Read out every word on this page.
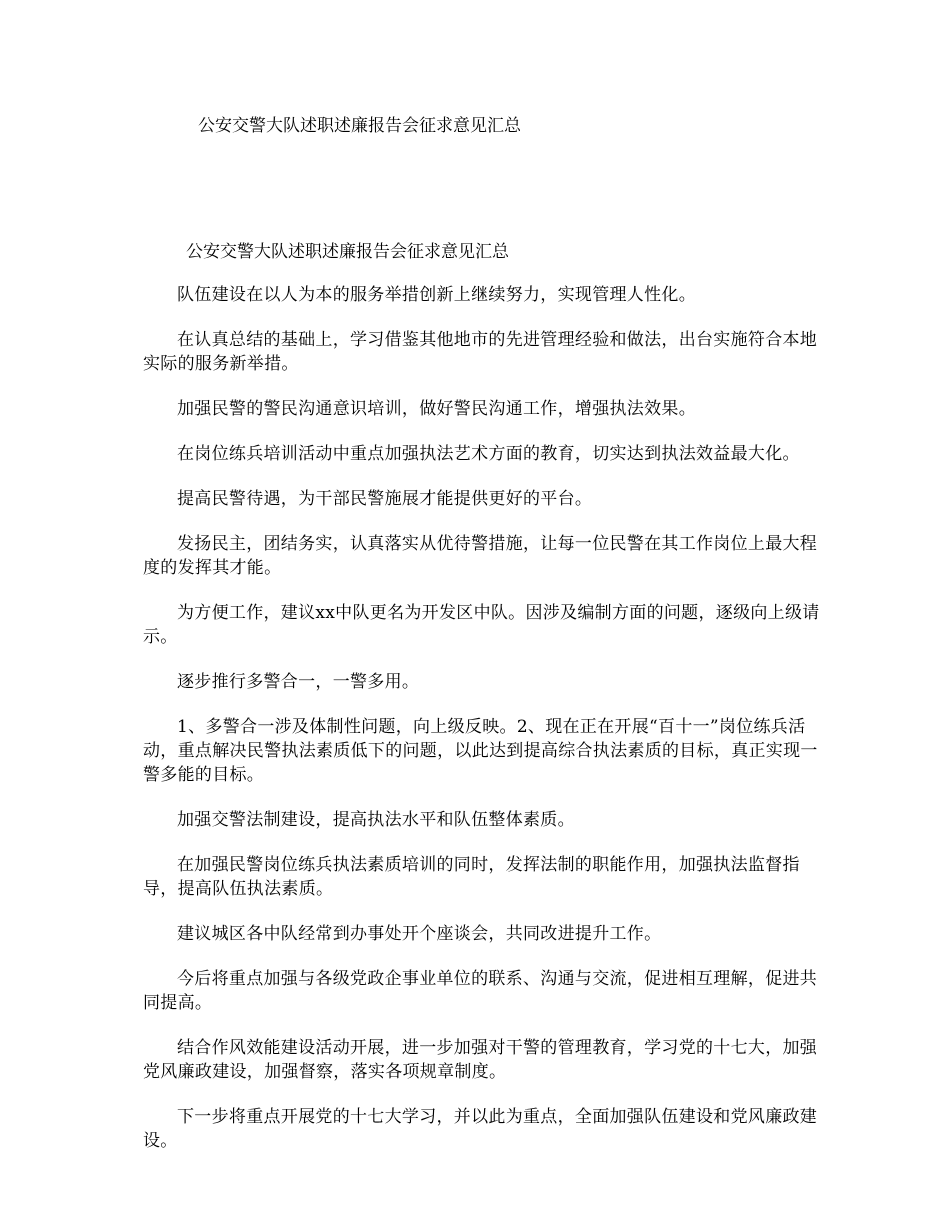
公安交警大队述职述廉报告会征求意见汇总
公安交警大队述职述廉报告会征求意见汇总

队伍建设在以人为本的服务举措创新上继续努力，实现管理人性化。

在认真总结的基础上，学习借鉴其他地市的先进管理经验和做法，出台实施符合本地实际的服务新举措。

加强民警的警民沟通意识培训，做好警民沟通工作，增强执法效果。

在岗位练兵培训活动中重点加强执法艺术方面的教育，切实达到执法效益最大化。

提高民警待遇，为干部民警施展才能提供更好的平台。

发扬民主，团结务实，认真落实从优待警措施，让每一位民警在其工作岗位上最大程度的发挥其才能。

为方便工作，建议xx中队更名为开发区中队。因涉及编制方面的问题，逐级向上级请示。

逐步推行多警合一，一警多用。

1、多警合一涉及体制性问题，向上级反映。2、现在正在开展“百十一”岗位练兵活动，重点解决民警执法素质低下的问题，以此达到提高综合执法素质的目标，真正实现一警多能的目标。

加强交警法制建设，提高执法水平和队伍整体素质。

在加强民警岗位练兵执法素质培训的同时，发挥法制的职能作用，加强执法监督指导，提高队伍执法素质。

建议城区各中队经常到办事处开个座谈会，共同改进提升工作。

今后将重点加强与各级党政企事业单位的联系、沟通与交流，促进相互理解，促进共同提高。

结合作风效能建设活动开展，进一步加强对干警的管理教育，学习党的十七大，加强党风廉政建设，加强督察，落实各项规章制度。

下一步将重点开展党的十七大学习，并以此为重点，全面加强队伍建设和党风廉政建设。
